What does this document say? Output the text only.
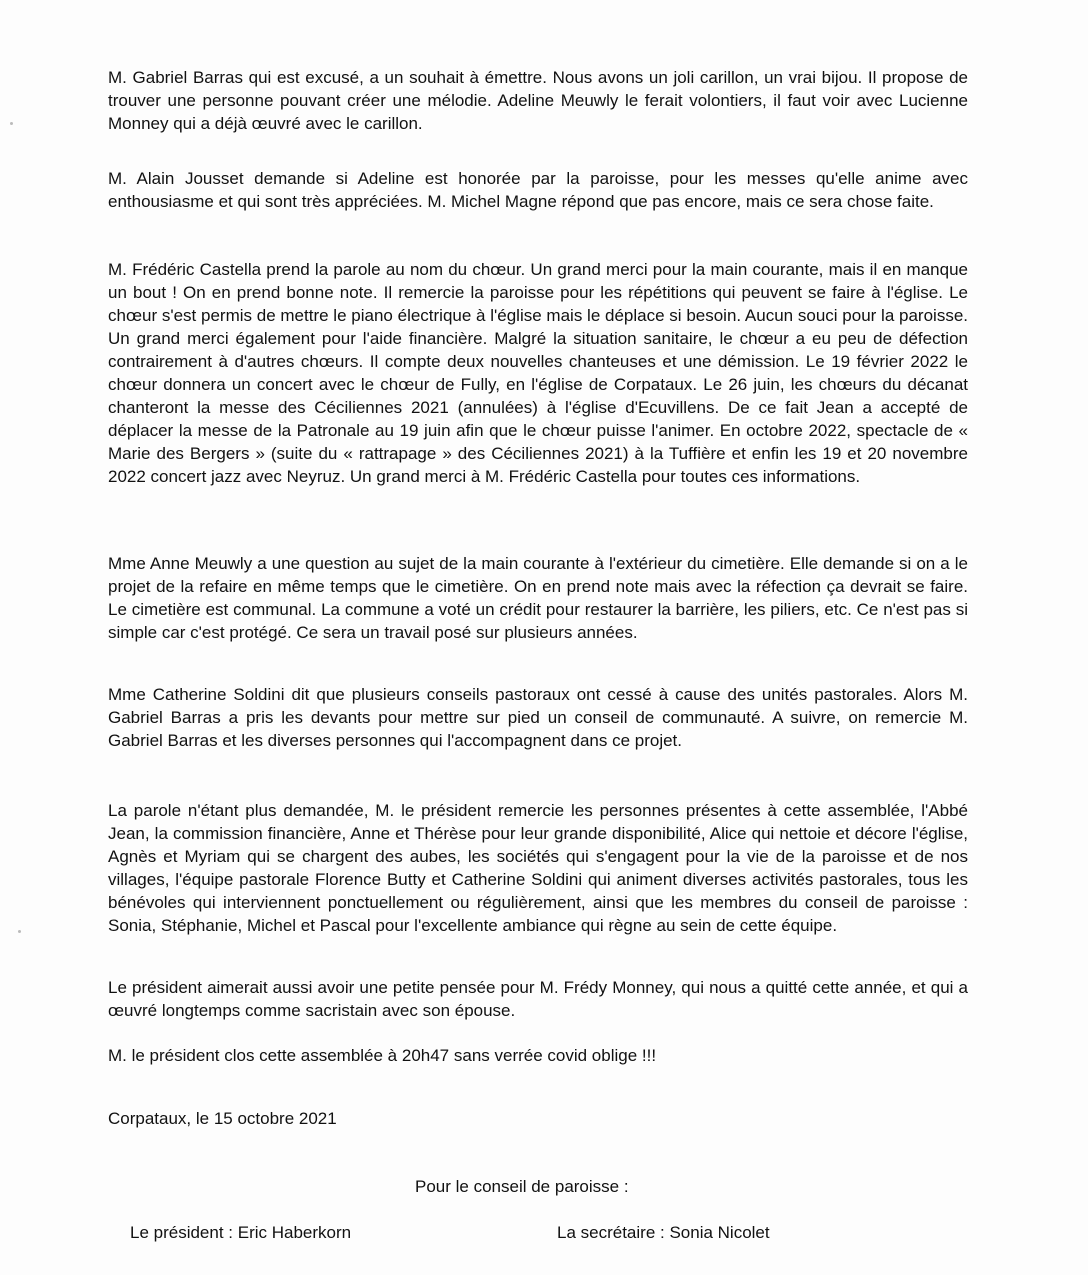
M. Gabriel Barras qui est excusé, a un souhait à émettre. Nous avons un joli carillon, un vrai bijou. Il propose de trouver une personne pouvant créer une mélodie. Adeline Meuwly le ferait volontiers, il faut voir avec Lucienne Monney qui a déjà œuvré avec le carillon.

M. Alain Jousset demande si Adeline est honorée par la paroisse, pour les messes qu'elle anime avec enthousiasme et qui sont très appréciées. M. Michel Magne répond que pas encore, mais ce sera chose faite.

M. Frédéric Castella prend la parole au nom du chœur. Un grand merci pour la main courante, mais il en manque un bout ! On en prend bonne note. Il remercie la paroisse pour les répétitions qui peuvent se faire à l'église. Le chœur s'est permis de mettre le piano électrique à l'église mais le déplace si besoin. Aucun souci pour la paroisse. Un grand merci également pour l'aide financière. Malgré la situation sanitaire, le chœur a eu peu de défection contrairement à d'autres chœurs. Il compte deux nouvelles chanteuses et une démission. Le 19 février 2022 le chœur donnera un concert avec le chœur de Fully, en l'église de Corpataux. Le 26 juin, les chœurs du décanat chanteront la messe des Céciliennes 2021 (annulées) à l'église d'Ecuvillens. De ce fait Jean a accepté de déplacer la messe de la Patronale au 19 juin afin que le chœur puisse l'animer. En octobre 2022, spectacle de « Marie des Bergers » (suite du « rattrapage » des Céciliennes 2021) à la Tuffière et enfin les 19 et 20 novembre 2022 concert jazz avec Neyruz. Un grand merci à M. Frédéric Castella pour toutes ces informations.

Mme Anne Meuwly a une question au sujet de la main courante à l'extérieur du cimetière. Elle demande si on a le projet de la refaire en même temps que le cimetière. On en prend note mais avec la réfection ça devrait se faire. Le cimetière est communal. La commune a voté un crédit pour restaurer la barrière, les piliers, etc. Ce n'est pas si simple car c'est protégé. Ce sera un travail posé sur plusieurs années.

Mme Catherine Soldini dit que plusieurs conseils pastoraux ont cessé à cause des unités pastorales. Alors M. Gabriel Barras a pris les devants pour mettre sur pied un conseil de communauté. A suivre, on remercie M. Gabriel Barras et les diverses personnes qui l'accompagnent dans ce projet.

La parole n'étant plus demandée, M. le président remercie les personnes présentes à cette assemblée, l'Abbé Jean, la commission financière, Anne et Thérèse pour leur grande disponibilité, Alice qui nettoie et décore l'église, Agnès et Myriam qui se chargent des aubes, les sociétés qui s'engagent pour la vie de la paroisse et de nos villages, l'équipe pastorale Florence Butty et Catherine Soldini qui animent diverses activités pastorales, tous les bénévoles qui interviennent ponctuellement ou régulièrement, ainsi que les membres du conseil de paroisse : Sonia, Stéphanie, Michel et Pascal pour l'excellente ambiance qui règne au sein de cette équipe.

Le président aimerait aussi avoir une petite pensée pour M. Frédy Monney, qui nous a quitté cette année, et qui a œuvré longtemps comme sacristain avec son épouse.

M. le président clos cette assemblée à 20h47 sans verrée covid oblige !!!

Corpataux, le 15 octobre 2021

Pour le conseil de paroisse :

Le président : Eric Haberkorn	La secrétaire : Sonia Nicolet
